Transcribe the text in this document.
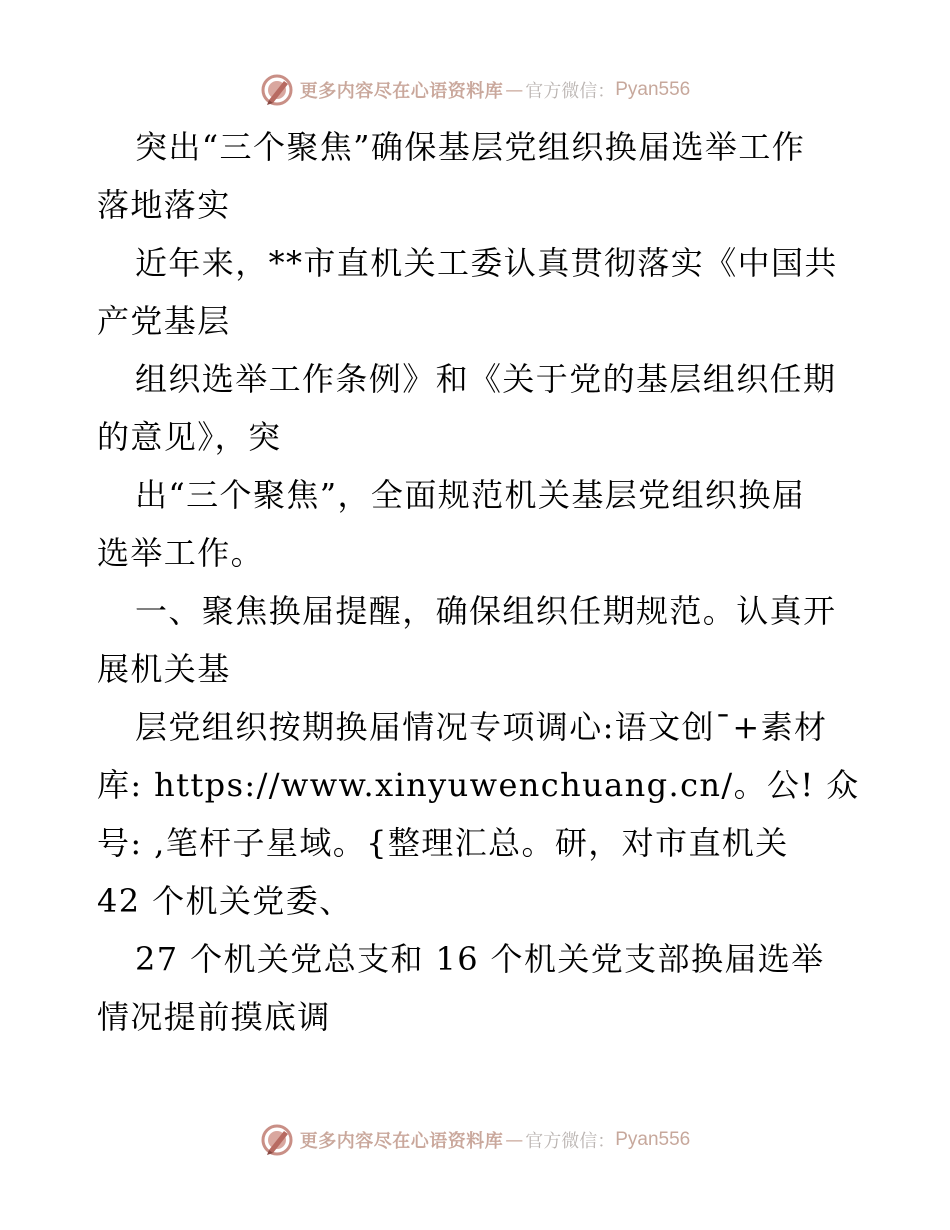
更多内容尽在心语资料库 — 官方微信： Pyan556
突出“三个聚焦”确保基层党组织换届选举工作
落地落实
近年来，**市直机关工委认真贯彻落实《中国共
产党基层
组织选举工作条例》和《关于党的基层组织任期
的意见》，突
出“三个聚焦”，全面规范机关基层党组织换届
选举工作。
一、聚焦换届提醒，确保组织任期规范。认真开
展机关基
层党组织按期换届情况专项调心:语文创¯+素材
库: https://www.xinyuwenchuang.cn/。公! 众
号: ,笔杆子星域。{整理汇总。研，对市直机关
42 个机关党委、
27 个机关党总支和 16 个机关党支部换届选举
情况提前摸底调
更多内容尽在心语资料库 — 官方微信： Pyan556
